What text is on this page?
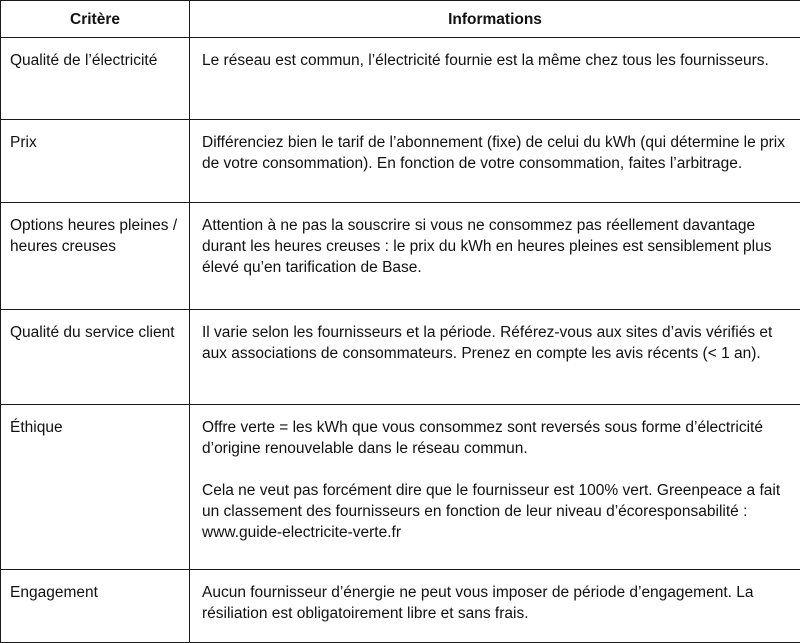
Critère	Informations
Qualité de l’électricité	Le réseau est commun, l’électricité fournie est la même chez tous les fournisseurs.

Prix	Différenciez bien le tarif de l’abonnement (fixe) de celui du kWh (qui détermine le prix de votre consommation). En fonction de votre consommation, faites l’arbitrage.

Options heures pleines / heures creuses	Attention à ne pas la souscrire si vous ne consommez pas réellement davantage durant les heures creuses : le prix du kWh en heures pleines est sensiblement plus élevé qu’en tarification de Base.

Qualité du service client	Il varie selon les fournisseurs et la période. Référez-vous aux sites d’avis vérifiés et aux associations de consommateurs. Prenez en compte les avis récents (< 1 an).

Éthique	Offre verte = les kWh que vous consommez sont reversés sous forme d’électricité d’origine renouvelable dans le réseau commun.
Cela ne veut pas forcément dire que le fournisseur est 100% vert. Greenpeace a fait un classement des fournisseurs en fonction de leur niveau d’écoresponsabilité : www.guide-electricite-verte.fr

Engagement	Aucun fournisseur d’énergie ne peut vous imposer de période d’engagement. La résiliation est obligatoirement libre et sans frais.
